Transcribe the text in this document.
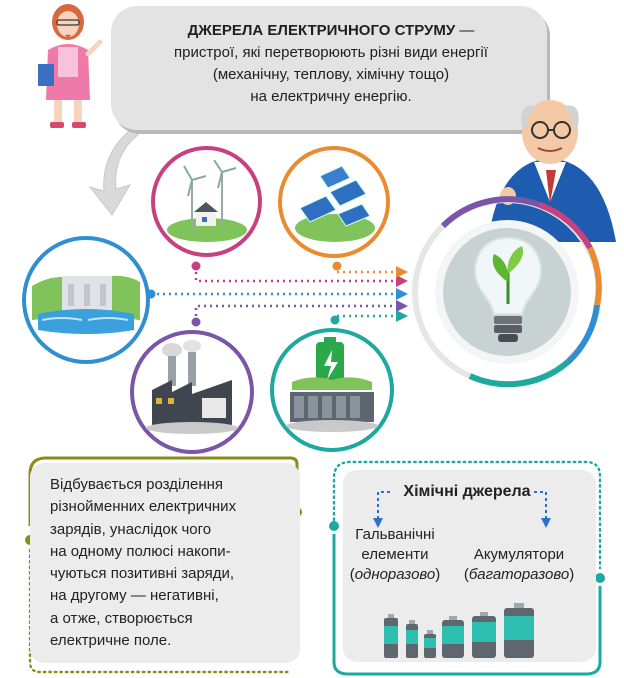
ДЖЕРЕЛА ЕЛЕКТРИЧНОГО СТРУМУ —
пристрої, які перетворюють різні види енергії
(механічну, теплову, хімічну тощо)
на електричну енергію.
Відбувається розділення
різнойменних електричних
зарядів, унаслідок чого
на одному полюсі накопи-
чуються позитивні заряди,
на другому — негативні,
а отже, створюється
електричне поле.
Хімічні джерела
Гальванічні
елементи
(одноразово)
Акумулятори
(багаторазово)
